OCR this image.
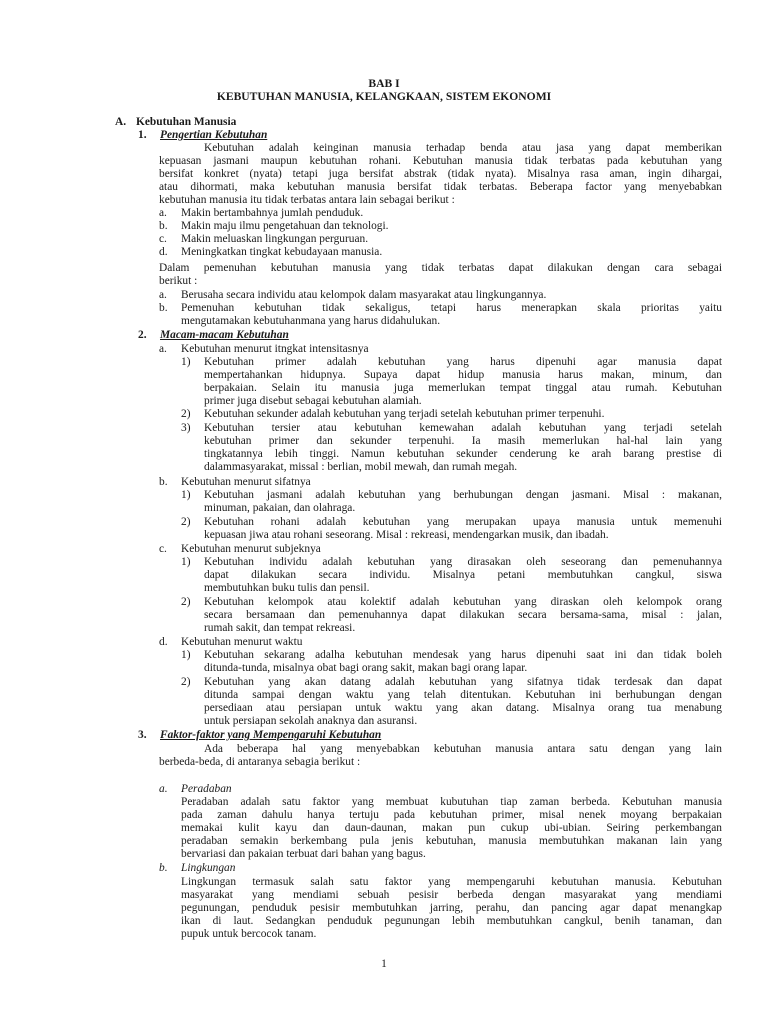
BAB I
KEBUTUHAN MANUSIA, KELANGKAAN, SISTEM EKONOMI
A. Kebutuhan Manusia
1. Pengertian Kebutuhan
Kebutuhan adalah keinginan manusia terhadap benda atau jasa yang dapat memberikan
kepuasan jasmani maupun kebutuhan rohani. Kebutuhan manusia tidak terbatas pada kebutuhan yang
bersifat konkret (nyata) tetapi juga bersifat abstrak (tidak nyata). Misalnya rasa aman, ingin dihargai,
atau dihormati, maka kebutuhan manusia bersifat tidak terbatas. Beberapa factor yang menyebabkan
kebutuhan manusia itu tidak terbatas antara lain sebagai berikut :
a. Makin bertambahnya jumlah penduduk.
b. Makin maju ilmu pengetahuan dan teknologi.
c. Makin meluaskan lingkungan perguruan.
d. Meningkatkan tingkat kebudayaan manusia.
Dalam pemenuhan kebutuhan manusia yang tidak terbatas dapat dilakukan dengan cara sebagai
berikut :
a. Berusaha secara individu atau kelompok dalam masyarakat atau lingkungannya.
b. Pemenuhan kebutuhan tidak sekaligus, tetapi harus menerapkan skala prioritas yaitu
mengutamakan kebutuhanmana yang harus didahulukan.
2. Macam-macam Kebutuhan
a. Kebutuhan menurut itngkat intensitasnya
1) Kebutuhan primer adalah kebutuhan yang harus dipenuhi agar manusia dapat
mempertahankan hidupnya. Supaya dapat hidup manusia harus makan, minum, dan
berpakaian. Selain itu manusia juga memerlukan tempat tinggal atau rumah. Kebutuhan
primer juga disebut sebagai kebutuhan alamiah.
2) Kebutuhan sekunder adalah kebutuhan yang terjadi setelah kebutuhan primer terpenuhi.
3) Kebutuhan tersier atau kebutuhan kemewahan adalah kebutuhan yang terjadi setelah
kebutuhan primer dan sekunder terpenuhi. Ia masih memerlukan hal-hal lain yang
tingkatannya lebih tinggi. Namun kebutuhan sekunder cenderung ke arah barang prestise di
dalammasyarakat, missal : berlian, mobil mewah, dan rumah megah.
b. Kebutuhan menurut sifatnya
1) Kebutuhan jasmani adalah kebutuhan yang berhubungan dengan jasmani. Misal : makanan,
minuman, pakaian, dan olahraga.
2) Kebutuhan rohani adalah kebutuhan yang merupakan upaya manusia untuk memenuhi
kepuasan jiwa atau rohani seseorang. Misal : rekreasi, mendengarkan musik, dan ibadah.
c. Kebutuhan menurut subjeknya
1) Kebutuhan individu adalah kebutuhan yang dirasakan oleh seseorang dan pemenuhannya
dapat dilakukan secara individu. Misalnya petani membutuhkan cangkul, siswa
membutuhkan buku tulis dan pensil.
2) Kebutuhan kelompok atau kolektif adalah kebutuhan yang diraskan oleh kelompok orang
secara bersamaan dan pemenuhannya dapat dilakukan secara bersama-sama, misal : jalan,
rumah sakit, dan tempat rekreasi.
d. Kebutuhan menurut waktu
1) Kebutuhan sekarang adalha kebutuhan mendesak yang harus dipenuhi saat ini dan tidak boleh
ditunda-tunda, misalnya obat bagi orang sakit, makan bagi orang lapar.
2) Kebutuhan yang akan datang adalah kebutuhan yang sifatnya tidak terdesak dan dapat
ditunda sampai dengan waktu yang telah ditentukan. Kebutuhan ini berhubungan dengan
persediaan atau persiapan untuk waktu yang akan datang. Misalnya orang tua menabung
untuk persiapan sekolah anaknya dan asuransi.
3. Faktor-faktor yang Mempengaruhi Kebutuhan
Ada beberapa hal yang menyebabkan kebutuhan manusia antara satu dengan yang lain
berbeda-beda, di antaranya sebagia berikut :
a. Peradaban
Peradaban adalah satu faktor yang membuat kubutuhan tiap zaman berbeda. Kebutuhan manusia
pada zaman dahulu hanya tertuju pada kebutuhan primer, misal nenek moyang berpakaian
memakai kulit kayu dan daun-daunan, makan pun cukup ubi-ubian. Seiring perkembangan
peradaban semakin berkembang pula jenis kebutuhan, manusia membutuhkan makanan lain yang
bervariasi dan pakaian terbuat dari bahan yang bagus.
b. Lingkungan
Lingkungan termasuk salah satu faktor yang mempengaruhi kebutuhan manusia. Kebutuhan
masyarakat yang mendiami sebuah pesisir berbeda dengan masyarakat yang mendiami
pegunungan, penduduk pesisir membutuhkan jarring, perahu, dan pancing agar dapat menangkap
ikan di laut. Sedangkan penduduk pegunungan lebih membutuhkan cangkul, benih tanaman, dan
pupuk untuk bercocok tanam.
1
